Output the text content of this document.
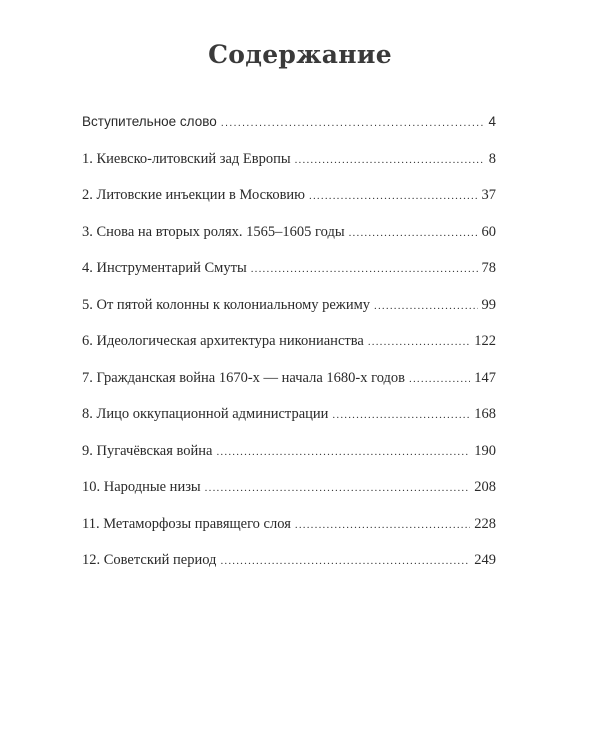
Содержание
Вступительное слово .....	4
1. Киевско-литовский зад Европы .....	8
2. Литовские инъекции в Московию .....	37
3. Снова на вторых ролях. 1565–1605 годы .....	60
4. Инструментарий Смуты .....	78
5. От пятой колонны к колониальному режиму .....	99
6. Идеологическая архитектура никонианства .....	122
7. Гражданская война 1670-х — начала 1680-х годов .....	147
8. Лицо оккупационной администрации .....	168
9. Пугачёвская война .....	190
10. Народные низы .....	208
11. Метаморфозы правящего слоя .....	228
12. Советский период .....	249
